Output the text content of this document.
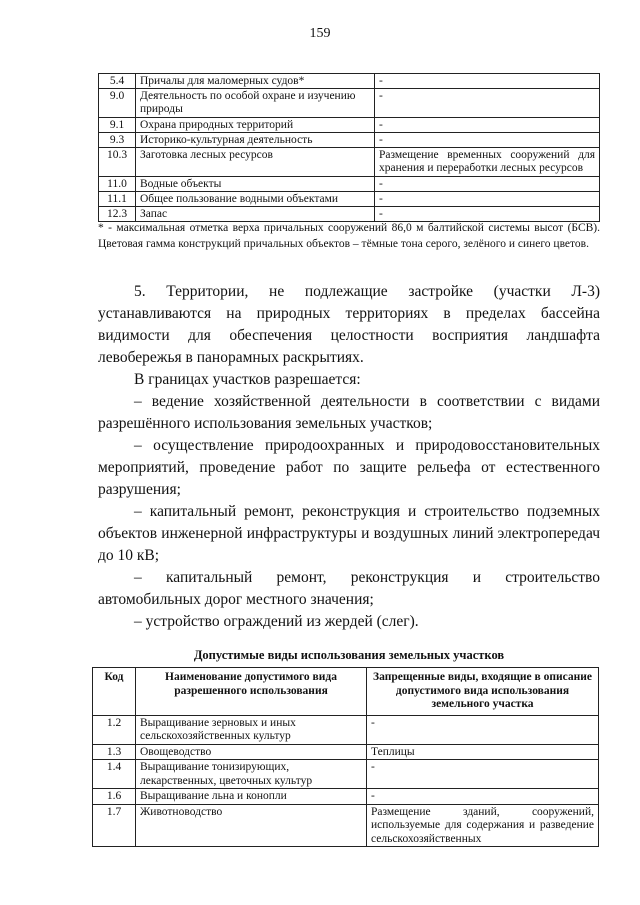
159
5.4	Причалы для маломерных судов*	-
9.0	Деятельность по особой охране и изучению природы	-
9.1	Охрана природных территорий	-
9.3	Историко-культурная деятельность	-
10.3	Заготовка лесных ресурсов	Размещение временных сооружений для хранения и переработки лесных ресурсов
11.0	Водные объекты	-
11.1	Общее пользование водными объектами	-
12.3	Запас	-
* - максимальная отметка верха причальных сооружений 86,0 м балтийской системы высот (БСВ). Цветовая гамма конструкций причальных объектов – тёмные тона серого, зелёного и синего цветов.
5. Территории, не подлежащие застройке (участки Л-3) устанавливаются на природных территориях в пределах бассейна видимости для обеспечения целостности восприятия ландшафта левобережья в панорамных раскрытиях.
В границах участков разрешается:
– ведение хозяйственной деятельности в соответствии с видами разрешённого использования земельных участков;
– осуществление природоохранных и природовосстановительных мероприятий, проведение работ по защите рельефа от естественного разрушения;
– капитальный ремонт, реконструкция и строительство подземных объектов инженерной инфраструктуры и воздушных линий электропередач до 10 кВ;
– капитальный ремонт, реконструкция и строительство автомобильных дорог местного значения;
– устройство ограждений из жердей (слег).
Допустимые виды использования земельных участков
Код	Наименование допустимого вида разрешенного использования	Запрещенные виды, входящие в описание допустимого вида использования земельного участка
1.2	Выращивание зерновых и иных сельскохозяйственных культур	-
1.3	Овощеводство	Теплицы
1.4	Выращивание тонизирующих, лекарственных, цветочных культур	-
1.6	Выращивание льна и конопли	-
1.7	Животноводство	Размещение зданий, сооружений, используемые для содержания и разведение сельскохозяйственных
